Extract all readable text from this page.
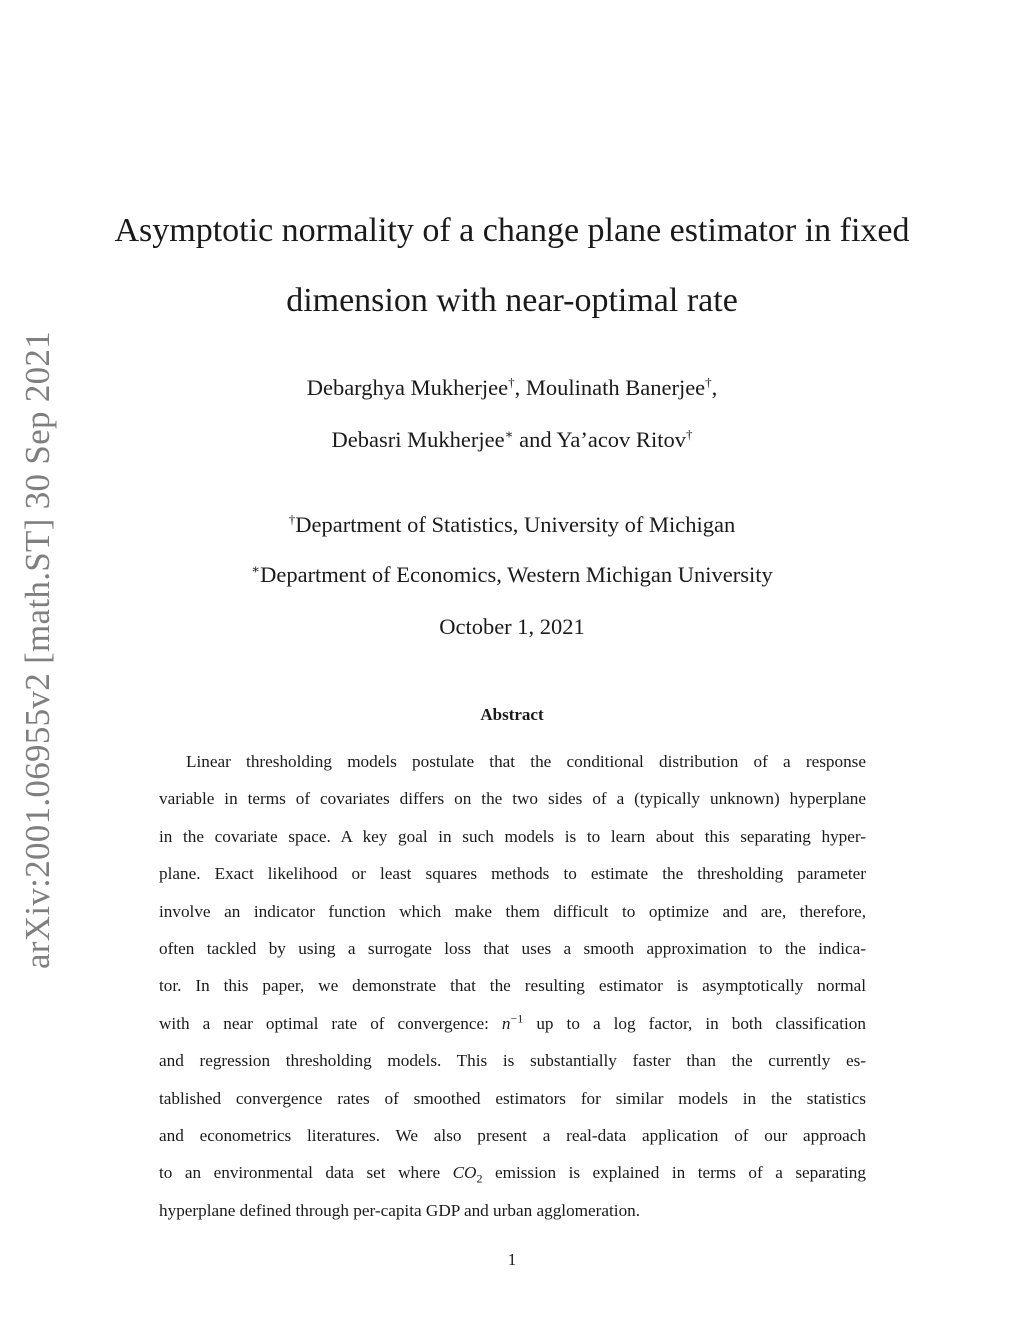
arXiv:2001.06955v2 [math.ST] 30 Sep 2021
Asymptotic normality of a change plane estimator in fixed
dimension with near-optimal rate
Debarghya Mukherjee†, Moulinath Banerjee†,
Debasri Mukherjee∗ and Ya’acov Ritov†
†Department of Statistics, University of Michigan
∗Department of Economics, Western Michigan University
October 1, 2021
Abstract
Linear thresholding models postulate that the conditional distribution of a response
variable in terms of covariates differs on the two sides of a (typically unknown) hyperplane
in the covariate space. A key goal in such models is to learn about this separating hyper-
plane. Exact likelihood or least squares methods to estimate the thresholding parameter
involve an indicator function which make them difficult to optimize and are, therefore,
often tackled by using a surrogate loss that uses a smooth approximation to the indica-
tor. In this paper, we demonstrate that the resulting estimator is asymptotically normal
with a near optimal rate of convergence: $n^{-1}$ up to a log factor, in both classification
and regression thresholding models. This is substantially faster than the currently es-
tablished convergence rates of smoothed estimators for similar models in the statistics
and econometrics literatures. We also present a real-data application of our approach
to an environmental data set where $CO_2$ emission is explained in terms of a separating
hyperplane defined through per-capita GDP and urban agglomeration.
1
